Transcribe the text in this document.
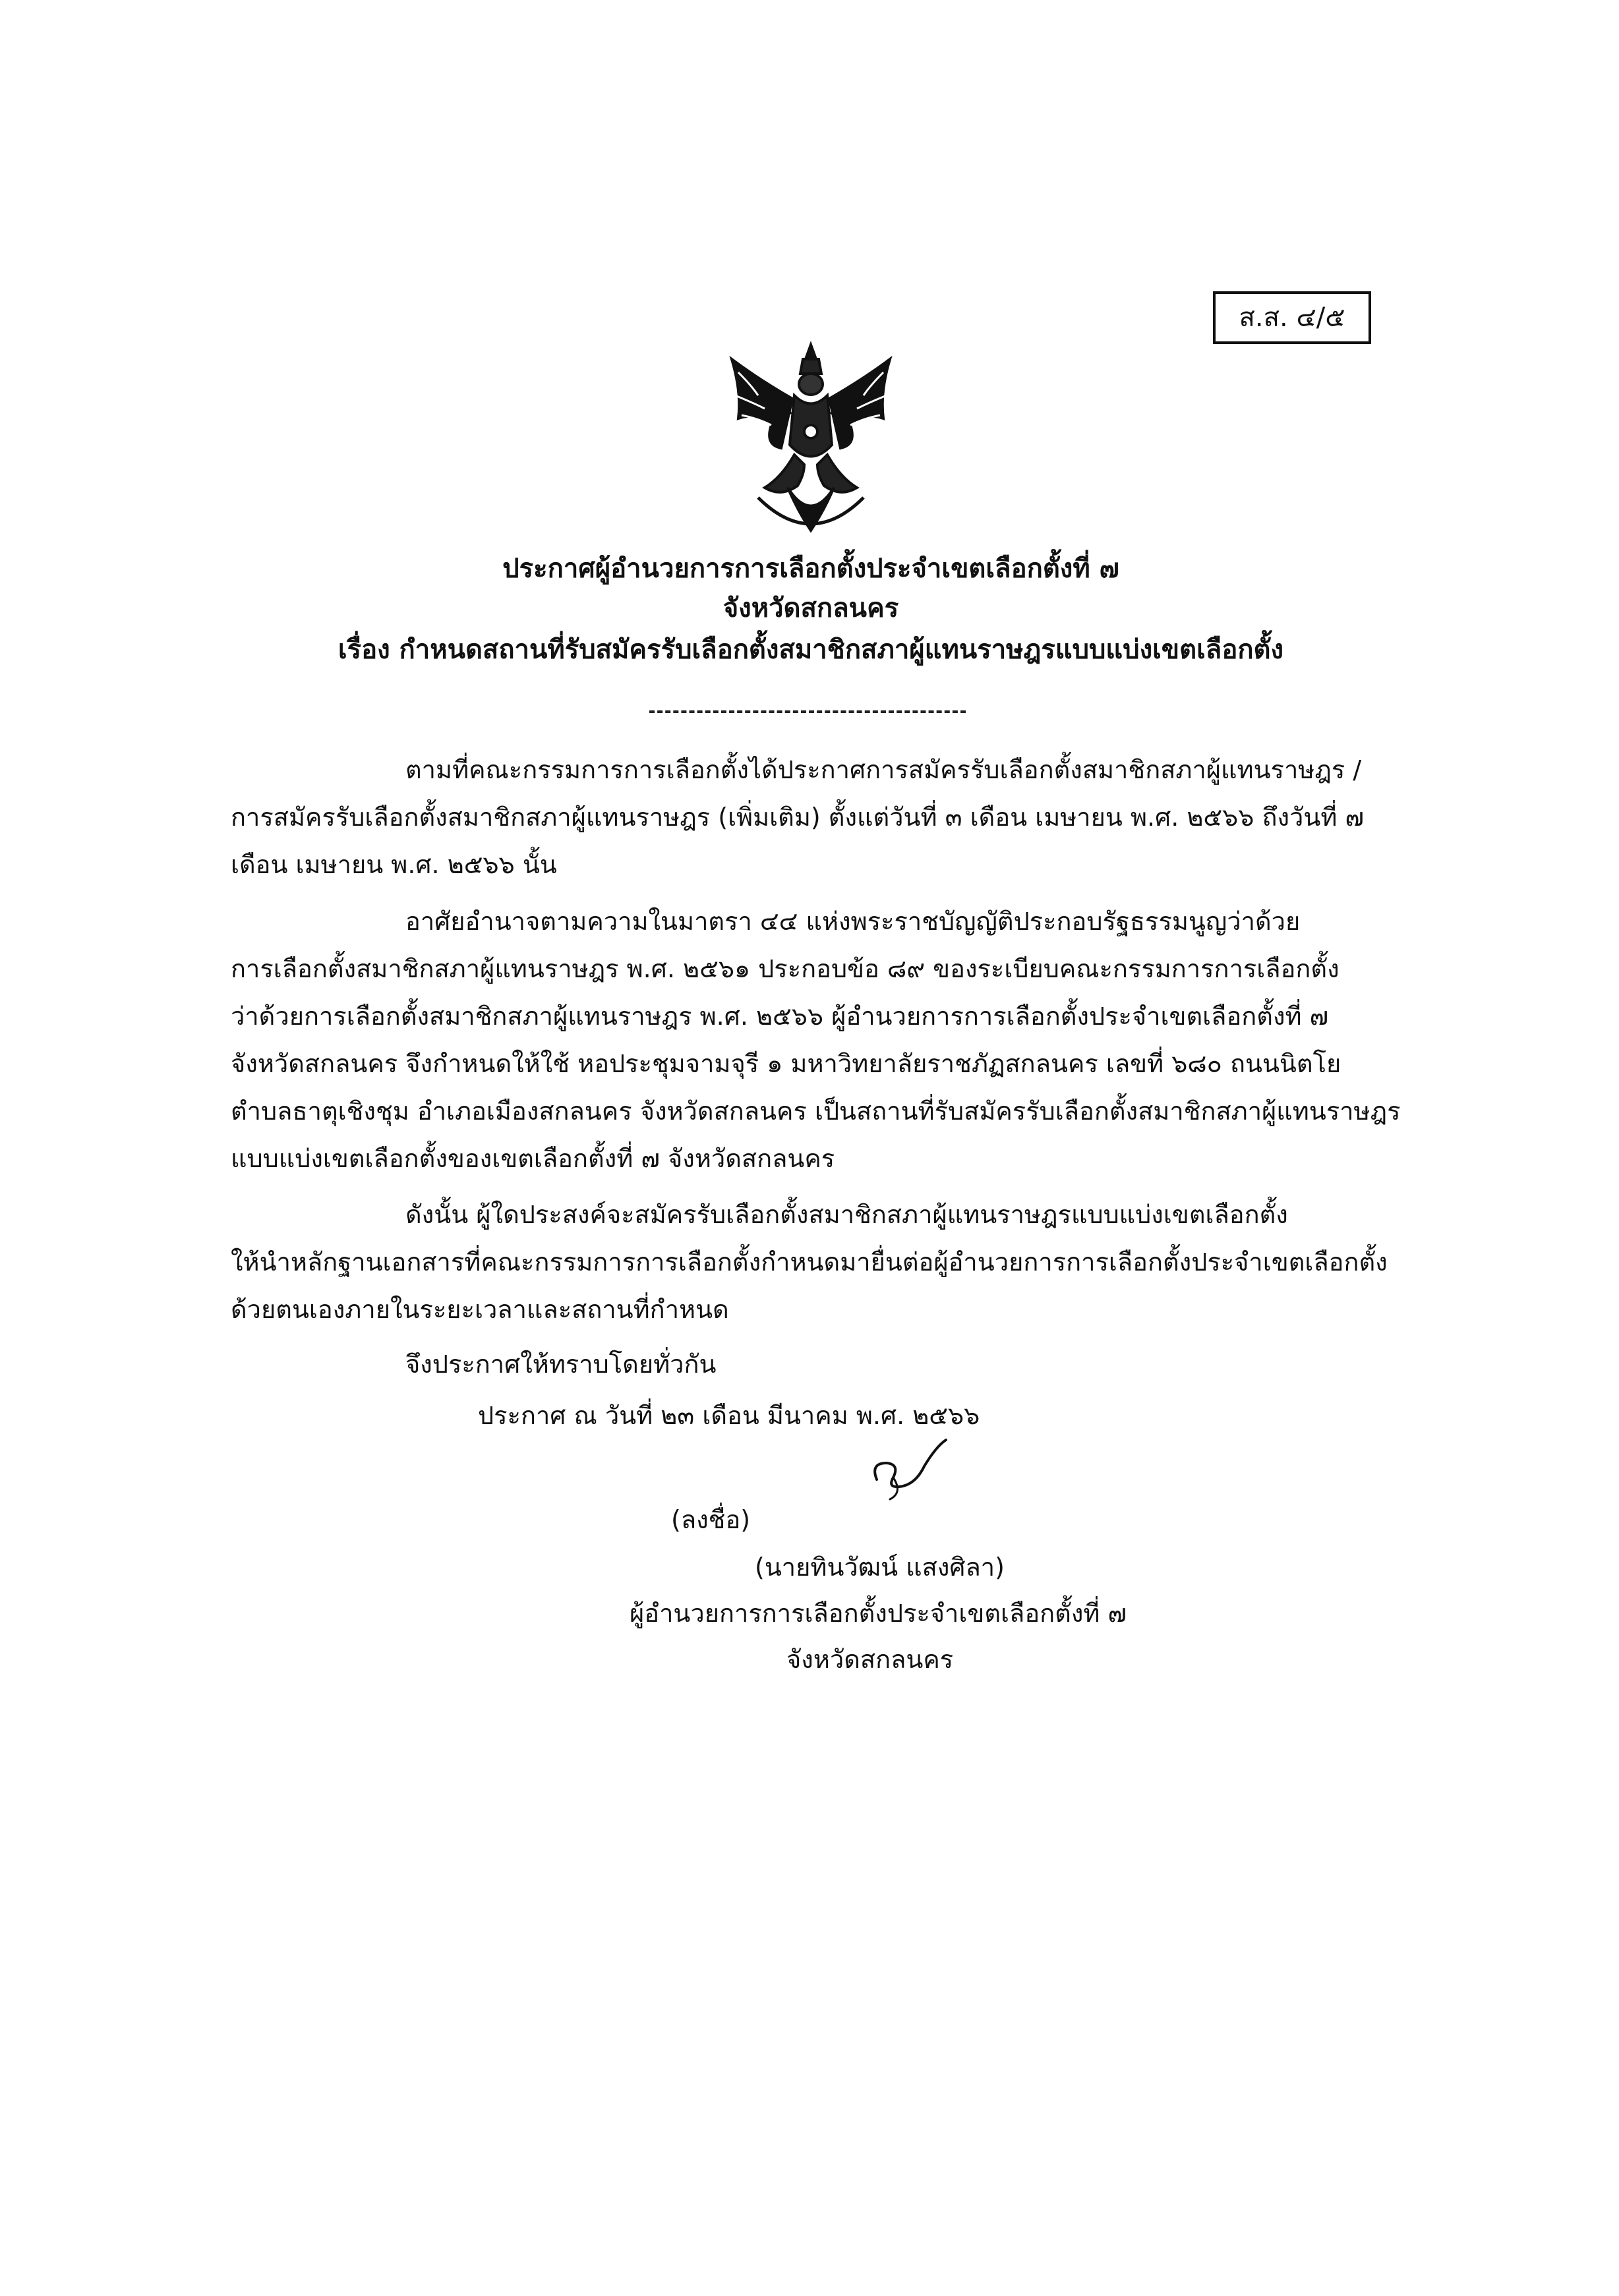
ส.ส. ๔/๕
ประกาศผู้อำนวยการการเลือกตั้งประจำเขตเลือกตั้งที่ ๗
จังหวัดสกลนคร
เรื่อง กำหนดสถานที่รับสมัครรับเลือกตั้งสมาชิกสภาผู้แทนราษฎรแบบแบ่งเขตเลือกตั้ง
ตามที่คณะกรรมการการเลือกตั้งได้ประกาศการสมัครรับเลือกตั้งสมาชิกสภาผู้แทนราษฎร /
การสมัครรับเลือกตั้งสมาชิกสภาผู้แทนราษฎร (เพิ่มเติม) ตั้งแต่วันที่ ๓ เดือน เมษายน พ.ศ. ๒๕๖๖ ถึงวันที่ ๗
เดือน เมษายน พ.ศ. ๒๕๖๖ นั้น
อาศัยอำนาจตามความในมาตรา ๔๔ แห่งพระราชบัญญัติประกอบรัฐธรรมนูญว่าด้วย
การเลือกตั้งสมาชิกสภาผู้แทนราษฎร พ.ศ. ๒๕๖๑ ประกอบข้อ ๘๙ ของระเบียบคณะกรรมการการเลือกตั้ง
ว่าด้วยการเลือกตั้งสมาชิกสภาผู้แทนราษฎร พ.ศ. ๒๕๖๖ ผู้อำนวยการการเลือกตั้งประจำเขตเลือกตั้งที่ ๗
จังหวัดสกลนคร จึงกำหนดให้ใช้ หอประชุมจามจุรี ๑ มหาวิทยาลัยราชภัฏสกลนคร เลขที่ ๖๘๐ ถนนนิตโย
ตำบลธาตุเชิงชุม อำเภอเมืองสกลนคร จังหวัดสกลนคร เป็นสถานที่รับสมัครรับเลือกตั้งสมาชิกสภาผู้แทนราษฎร
แบบแบ่งเขตเลือกตั้งของเขตเลือกตั้งที่ ๗ จังหวัดสกลนคร
ดังนั้น ผู้ใดประสงค์จะสมัครรับเลือกตั้งสมาชิกสภาผู้แทนราษฎรแบบแบ่งเขตเลือกตั้ง
ให้นำหลักฐานเอกสารที่คณะกรรมการการเลือกตั้งกำหนดมายื่นต่อผู้อำนวยการการเลือกตั้งประจำเขตเลือกตั้ง
ด้วยตนเองภายในระยะเวลาและสถานที่กำหนด
จึงประกาศให้ทราบโดยทั่วกัน
ประกาศ ณ วันที่ ๒๓ เดือน มีนาคม พ.ศ. ๒๕๖๖
(ลงชื่อ)
(นายทินวัฒน์ แสงศิลา)
ผู้อำนวยการการเลือกตั้งประจำเขตเลือกตั้งที่ ๗
จังหวัดสกลนคร
